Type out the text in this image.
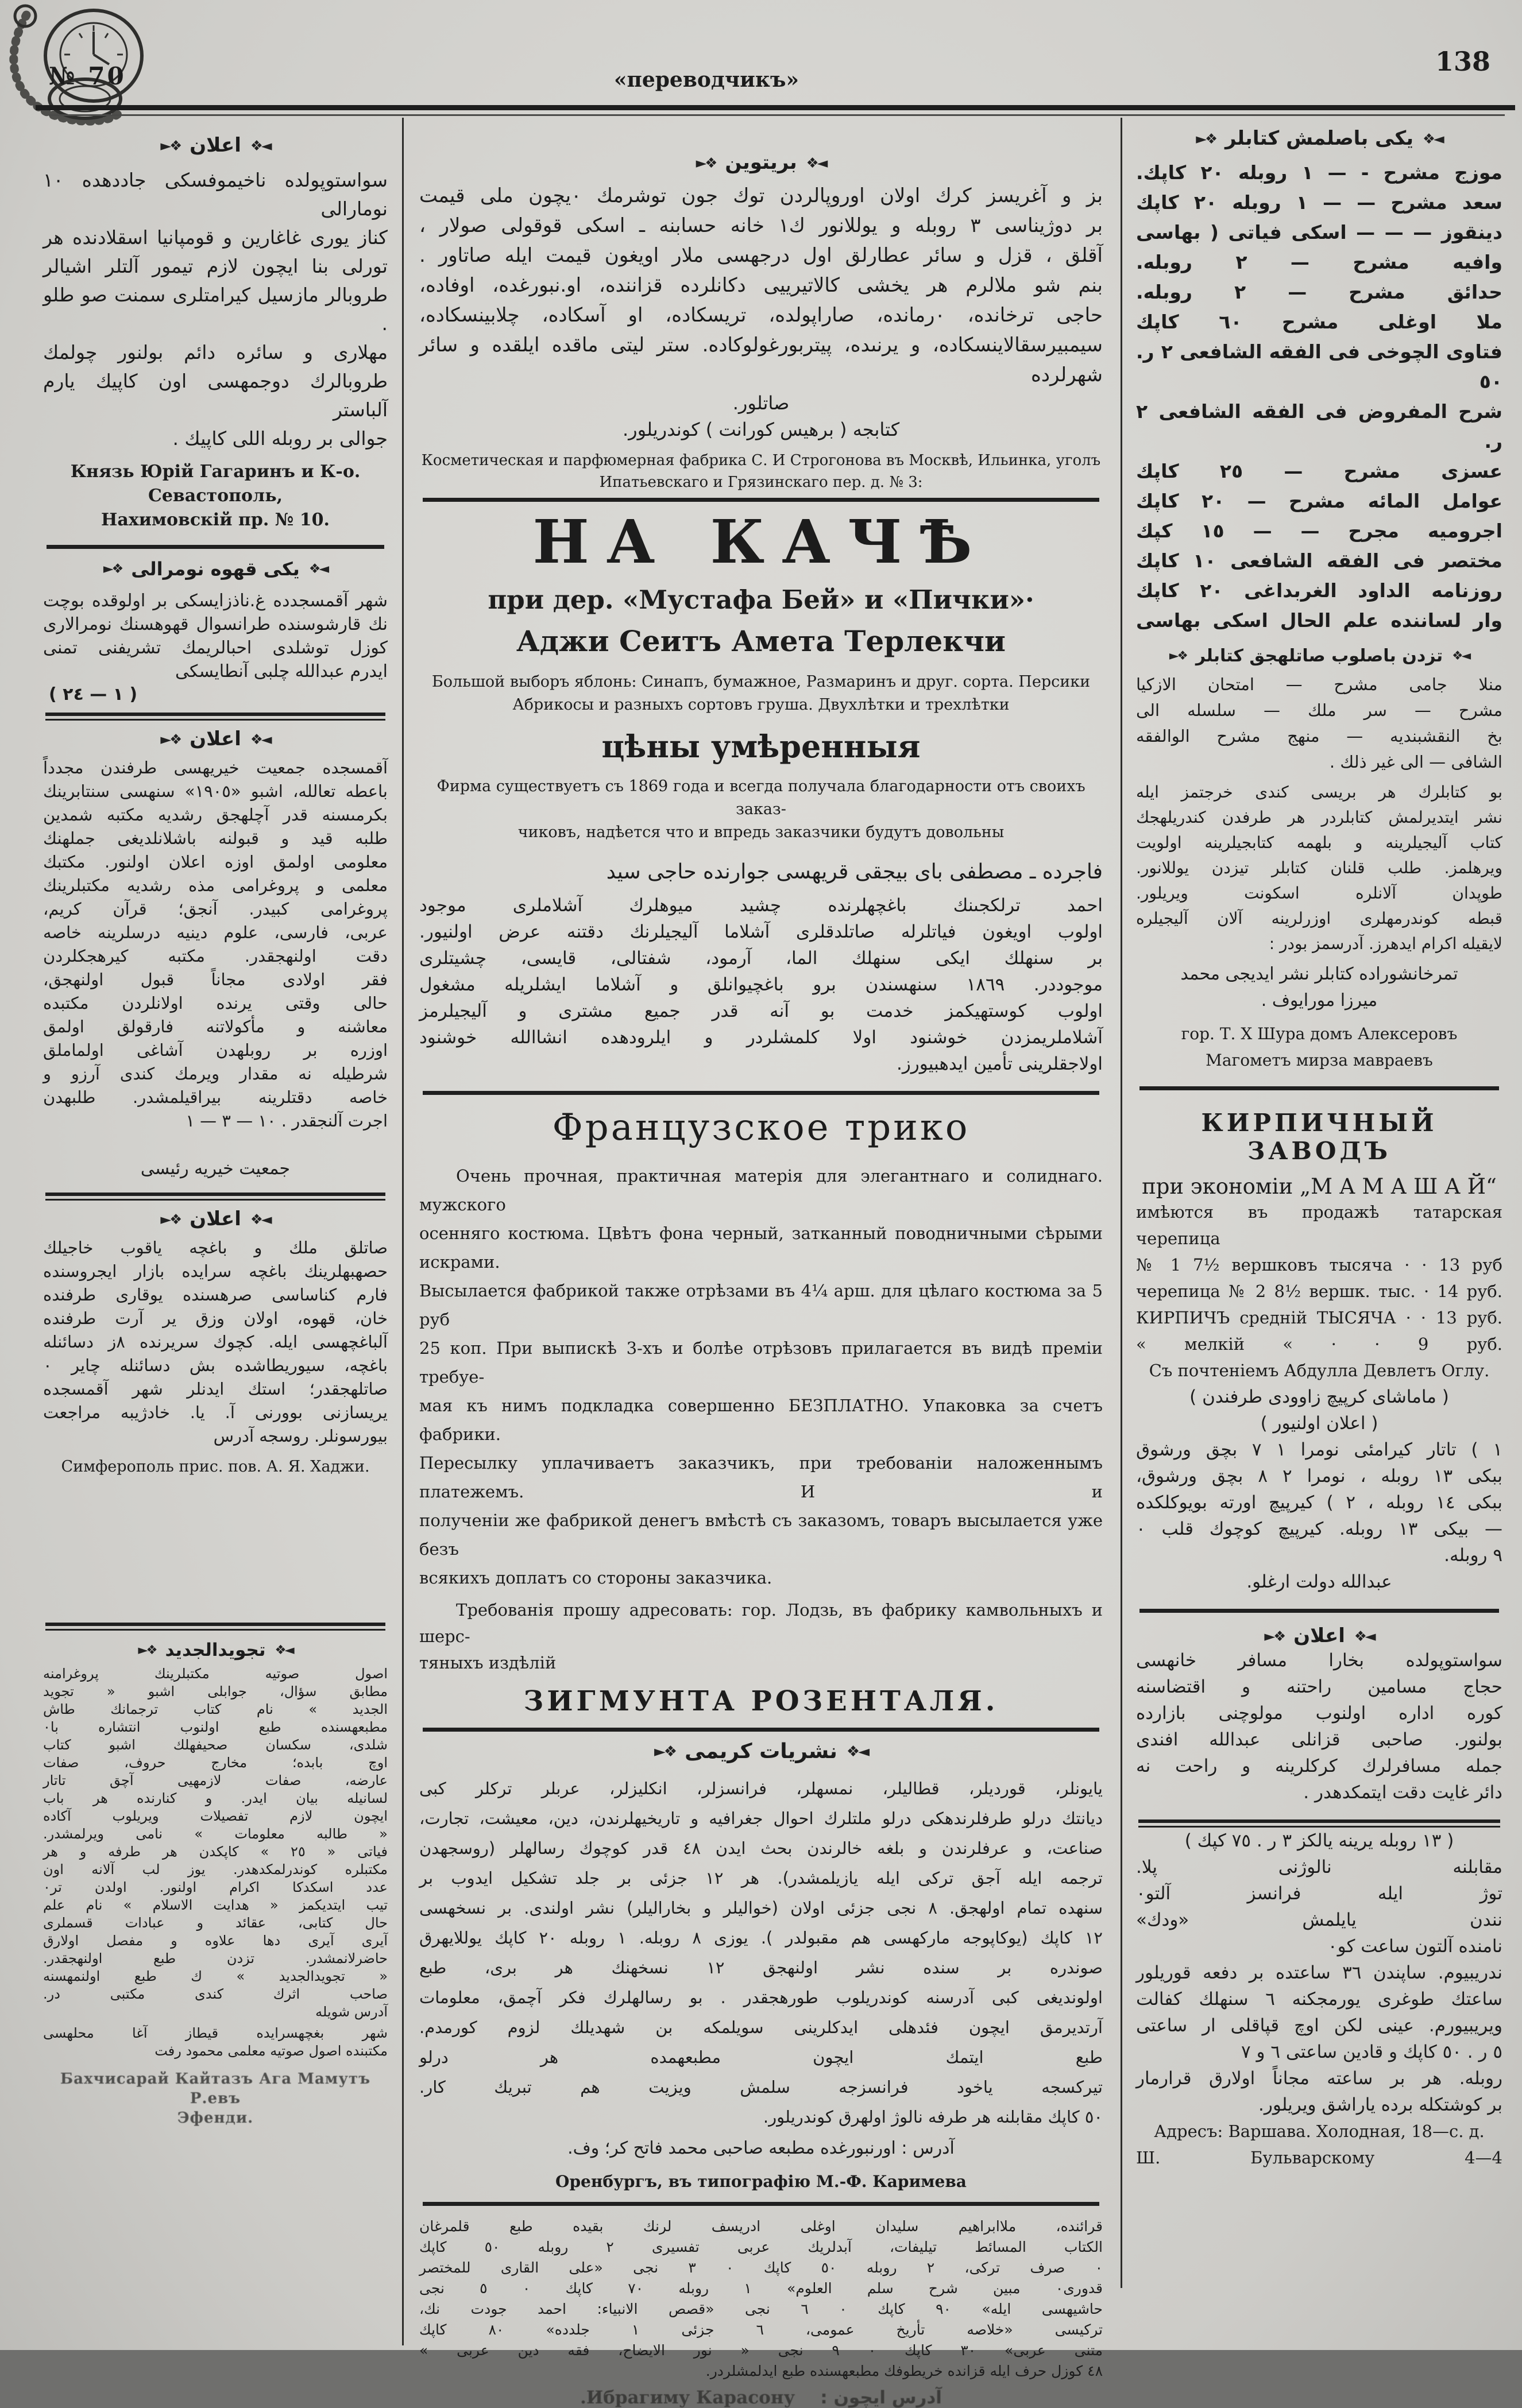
№ 70	«переводчикъ»
138
◄❖
اعلان
❖►
سواستوپولده ناخيموفسكى جاددهده ١٠ نومارالى
كناز يورى غاغارين و قومپانيا اسقلادنده هر
تورلى بنا ايچون لازم تيمور آلتلر اشيالر
طروبالر مازسيل كيرامتلرى سمنت صو طلو .
مهلارى و سائره دائم بولنور چولمك
طروبالرك دوجمهسى اون كاپيك يارم آلباستر
جوالى بر روبله اللى كاپيك .
Князь Юрій Гагаринъ и К-о. Севастополь,
Нахимовскій пр. № 10.
◄❖
يكى قهوه نومرالى
❖►
شهر آقمسجدده غ.ناذزايسكى بر اولوقده بوچت
نك قارشوسنده طرانسوال قهوهسنك نومرالارى
كوزل توشلدى احبالريمك تشريفنى تمنى
ايدرم عبدالله چلبى آنطايسكى
( ١ — ٢٤ )
◄❖
اعلان
❖►
آقمسجده جمعيت خيريهسى طرفندن مجدداً
باعطه تعالله، اشبو «١٩٠٥» سنهسى سنتابرينك
بكرمىسنه قدر آچلهجق رشديه مكتبه شمدين
طلبه قيد و قبولنه باشلانلديغى جملهنك
معلومى اولمق اوزه اعلان اولنور. مكتبك
معلمى و پروغرامى مذه رشديه مكتبلرينك
پروغرامى كبيدر. آنجق؛ قرآن كريم،
عربى، فارسى، علوم دينيه درسلرينه خاصه
دقت اولنهجقدر. مكتبه كيرهجكلردن
فقر اولادى مجاناً قبول اولنهجق،
حالى وقتى يرنده اولانلردن مكتبده
معاشنه و مأكولاتنه فارقولق اولمق
اوزره بر روبلهدن آشاغى اولماملق
شرطيله نه مقدار ويرمك كندى آرزو و
خاصه دقتلرينه بيراقيلمشدر. طلبهدن
اجرت آلنجقدر . ١٠ — ٣ — ١
جمعيت خيريه رئيسى
◄❖
اعلان
❖►
صاتلق ملك و باغچه ياقوب خاجيلك
حصهبهلرينك باغچه سرايده بازار ايجروسنده
فارم كناساسى صرهسنده يوقارى طرفنده
خان، قهوه، اولان وزق ير آرت طرفنده
آلباغچهسى ايله. كچوك سريرنده ٨ز دسائنله
باغچه، سيوريطاشده بش دسائنله چاير ٠
صاتلهجقدر؛ استك ايدنلر شهر آقمسجده
يريسازنى بوورنى آ. يا. خادژيبه مراجعت
بيورسونلر. روسجه آدرس
Симферополь прис. пов. А. Я. Хаджи.
◄❖
تجويدالجديد
❖►
اصول صوتيه مكتبلرينك پروغرامنه
مطابق سؤال، جوابلى اشبو « تجويد
الجديد » نام كتاب ترجمانك طاش
مطبعهسنده طبع اولنوب انتشاره با٠
شلدى، سكسان صحيفهلك اشبو كتاب
اوچ بابده؛ مخارج حروف، صفات
عارضه، صفات لازمهيى آچق تاتار
لسانيله بيان ايدر. و كنارنده هر باب
ايچون لازم تفصيلات ويريلوب آكاده
« طالبه معلومات » نامى ويرلمشدر.
فياتى « ٢٥ » كاپكدن هر طرفه و هر
مكتبلره كوندرلمكدهدر. يوز لب آلانه اون
عدد اسكدكا اكرام اولنور. اولدن تر٠
تيب ايتديكمز « هدايت الاسلام » نام علم
حال كتابى، عقائد و عبادات قسملرى
آيرى آيرى دها علاوه و مفصل اولارق
حاضرلانمشدر. تزدن طبع اولنهجقدر.
« تجويدالجديد » ك طبع اولنمهسنه
صاحب اثرك كندى مكتبى در.
آدرس شويله
شهر بغچهسرايده قيطاز آغا محلهسى
مكتبنده اصول صوتيه معلمى محمود رفت
Бахчисарай Кайтазъ Ага Мамутъ Р.евъ
Эфенди.
◄❖
بريتوين
❖►
بز و آغريسز كرك اولان اوروپالردن توك جون توشرمك ٠يچون ملى قيمت
بر دوژيناسى ٣ روبله و يوللانور ك١ خانه حسابنه ـ اسكى قوقولى صولار ،
آقلق ، قزل و سائر عطارلق اول درجهسى ملار اويغون قيمت ايله صاتاور .
بنم شو ملالرم هر يخشى كالاتيرييى دكانلرده قزاننده، او.نبورغده، اوفاده،
حاجى ترخانده، ٠رمانده، صاراپولده، تريسكاده، او آسكاده، چلابينسكاده،
سيمبيرسقالاينسكاده، و يرنىده، پيتربورغولوكاده. ستر ليتى ماقده ايلقده و سائر شهرلرده
صاتلور.
كتابجه ( برهيس كورانت ) كوندريلور.
Косметическая и парфюмерная фабрика С. И Строгонова въ Москвѣ, Ильинка, уголъ
Ипатьевскаго и Грязинскаго пер. д. № 3:
НА КАЧѢ
при дер. «Мустафа Бей» и «Пички»·
Аджи Сеитъ Амета Терлекчи
Большой выборъ яблонь: Синапъ, бумажное, Размаринъ и друг. сорта. Персики
Абрикосы и разныхъ сортовъ груша. Двухлѣтки и трехлѣтки
цѣны умѣренныя
Фирма существуетъ съ 1869 года и всегда получала благодарности отъ своихъ заказ-
чиковъ, надѣется что и впредь заказчики будутъ довольны
فاجرده ـ مصطفى باى بيجقى قريهسى جوارنده حاجى سيد
احمد ترلكجىنك باغچهلرنده چشيد ميوهلرك آشلاملرى موجود
اولوب اويغون فياتلرله صاتلدقلرى آشلاما آليجيلرنك دقتنه عرض اولنيور.
بر سنهلك ايكى سنهلك الما، آرمود، شفتالى، قايسى، چشيتلرى
موجوددر. ١٨٦٩ سنهسندن برو باغچيوانلق و آشلاما ايشلريله مشغول
اولوب كوستهيكمز خدمت بو آنه قدر جميع مشترى و آليجيلرمز
آشلاملريمزدن خوشنود اولا كلمشلردر و ايلرودهده انشاالله خوشنود
اولاجقلرينى تأمين ايدهبيورز.
Французское трико
Очень прочная, практичная матерія для элегантнаго и солиднаго. мужского
осенняго костюма. Цвѣтъ фона черный, затканный поводничными сѣрыми искрами.
Высылается фабрикой также отрѣзами въ 4¼ арш. для цѣлаго костюма за 5 руб
25 коп. При выпискѣ 3-хъ и болѣе отрѣзовъ прилагается въ видѣ преміи требуе-
мая къ нимъ подкладка совершенно БЕЗПЛАТНО. Упаковка за счетъ фабрики.
Пересылку уплачиваетъ заказчикъ, при требованіи наложеннымъ платежемъ. И и
полученіи же фабрикой денегъ вмѣстѣ съ заказомъ, товаръ высылается уже безъ
всякихъ доплатъ со стороны заказчика.
Требованія прошу адресовать: гор. Лодзь, въ фабрику камвольныхъ и шерс-
тяныхъ издѣлій
ЗИГМУНТА РОЗЕНТАЛЯ.
◄❖
نشريات كريمى
❖►
يايونلر، قورديلر، قطاليلر، نمسهلر، فرانسزلر، انكليزلر، عربلر تركلر كبى
ديانتك درلو طرفلرندهكى درلو ملتلرك احوال جغرافيه و تاريخيهلرندن، دين، معيشت، تجارت،
صناعت، و عرفلرندن و بلغه خالرندن بحث ايدن ٤٨ قدر كوچوك رسالهلر (روسجهدن
ترجمه ايله آجق تركى ايله يازيلمشدر). هر ١٢ جزئى بر جلد تشكيل ايدوب بر
سنهده تمام اولهجق. ٨ نجى جزئى اولان (خواليلر و بخاراليلر) نشر اولندى. بر نسخهسى
١٢ كاپك (يوكاپوجه ماركهسى هم مقبولدر ). يوزى ٨ روبله. ١ روبله ٢٠ كاپك يوللايهرق
صوندره بر سنده نشر اولنهجق ١٢ نسخهنك هر برى، طبع
اولونديغى كبى آدرسنه كوندريلوب طورهجقدر . بو رسالهلرك فكر آچمق، معلومات
آرتديرمق ايچون فئدهلى ايدكلرينى سويلمكه بن شهديلك لزوم كورمدم.
طبع ايتمك ايچون مطبعهمده هر درلو
تيركسجه ياخود فرانسزجه سلمش ويزيت هم تبريك كار.
٥٠ كاپك مقابلنه هر طرفه نالوژ اولهرق كوندريلور.
آدرس : اورنبورغده مطبعه صاحبى محمد فاتح كر؛ وف.
Оренбургъ, въ типографію М.-Ф. Каримева
قرائنده، ملاابراهيم سليدان اوغلى ادريسف لرنك بقيده طبع قلمرغان
الكتاب المسائط تيليفات، آبدلريك عربى تفسيرى ٢ روبله ٥٠ كاپك
٠ صرف تركى، ٢ روبله ٥٠ كاپك ٠ ٣ نجى «على القارى للمختصر
قدورى٠ مبين شرح سلم العلوم» ١ روبله ٧٠ كاپك ٠ ٥ نجى
حاشيهسى ايله» ٩٠ كاپك ٠ ٦ نجى «قصص الانبياء: احمد جودت نك،
تركيسى «خلاصه تأريخ عمومى، ٦ جزئى ١ جلدده» ٨٠ كاپك
متنى عربى» ٣٠ كاپك ٠ ٩ نجى « نور الايضاح، فقه دين عربى »
٤٨ كوزل حرف ايله قزانده خريطوفك مطبعهسنده طبع ايدلمشلردر.
آدرس ايچون :
Ибрагиму Карасону.
◄❖
يكى باصلمش كتابلر
❖►
موزج مشرح - — ١ روبله ٢٠ كاپك.
سعد مشرح — — ١ روبله ٢٠ كاپك
دينقوز — — — اسكى فياتى ( بهاسى
وافيه مشرح — ٢ روبله.
حدائق مشرح — ٢ روبله.
ملا اوغلى مشرح ٦٠ كاپك
فتاوى الچوخى فى الفقه الشافعى ٢ ر. ٥٠
شرح المفروض فى الفقه الشافعى ٢ ر.
عسزى مشرح — ٢٥ كاپك
عوامل المائه مشرح — ٢٠ كاپك
اجروميه مجرح — — ١٥ كپك
مختصر فى الفقه الشافعى ١٠ كاپك
روزنامه الداود الغربداغى ٢٠ كاپك
وار لساننده علم الحال اسكى بهاسى
◄❖
تزدن باصلوب صاتلهجق كتابلر
❖►
منلا جامى مشرح — امتحان الازكيا
مشرح — سر ملك — سلسله الى
بخ النقشبنديه — منهج مشرح الوالفقه
الشافى — الى غير ذلك .
بو كتابلرك هر بريسى كندى خرجتمز ايله
نشر ايتديرلمش كتابلردر هر طرفدن كندريلهجك
كتاب آليجيلرينه و بلهمه كتابجيلرينه اولويت
ويرهلمز. طلب قلنان كتابلر تيزدن يوللانور.
طوپدان آلانلره اسكونت ويريلور.
قبطه كوندرمهلرى اوزرلرينه آلان آليجيلره
لايقيله اكرام ايدهرز. آدرسمز بودر :
تمرخانشوراده كتابلر نشر ايديجى محمد
ميرزا مورايوف .
гор. Т. Х Шура домъ Алексеровъ
Магометъ мирза мавраевъ
КИРПИЧНЫЙ ЗАВОДЪ
при экономіи „М А М А Ш А Й“
имѣются въ продажѣ татарская черепица
№ 1 7½ вершковъ тысяча · · 13 руб
черепица № 2 8½ вершк. тыс. · 14 руб.
КИРПИЧЪ средній ТЫСЯЧА · · 13 руб.
« мелкій « · · 9 руб.
Съ почтеніемъ Абдулла Девлетъ Оглу.
( ماماشاى كرپيچ زاوودى طرفندن )
( اعلان اولنيور )
١ ) تاتار كيرامئى نومرا ١ ٧ بچق ورشوق
ببكى ١٣ روبله ، نومرا ٢ ٨ بچق ورشوق،
ببكى ١٤ روبله ، ٢ ) كيرپيچ اورته بويوكلكده
— بيكى ١٣ روبله. كيرپيچ كوچوك قلب ٠
٩ روبله.
عبدالله دولت ارغلو.
◄❖
اعلان
❖►
سواستوپولده بخارا مسافر خانهسى
حجاج مسامين راحتنه و اقتضاسنه
كوره اداره اولنوب مولوچنى بازارده
بولنور. صاحبى قزانلى عبدالله افندى
جمله مسافرلرك كركلرينه و راحت نه
دائر غايت دقت ايتمكدهدر .
( ١٣ روبله يرينه يالكز ٣ ر . ٧٥ كپك )
مقابلنه نالوژنى پلا.
توژ ايله فرانسز آلتو٠
نندن يايلمش «ودك»
نامنده آلتون ساعت كو٠
ندريبيوم. ساپندن ٣٦ ساعتده بر دفعه قوريلور
ساعتك طوغرى يورمجكنه ٦ سنهلك كفالت
ويريبيورم. عينى لكن اوچ قپاقلى ار ساعتى
٥ ر . ٥٠ كاپك و قادين ساعتى ٦ و ٧
روبله. هر بر ساعته مجاناً اولارق قرارمار
بر كوشتكله برده ياراشق ويريلور.
Адресъ: Варшава. Холодная, 18—с. д.
Ш. Бульварскому 4—4
